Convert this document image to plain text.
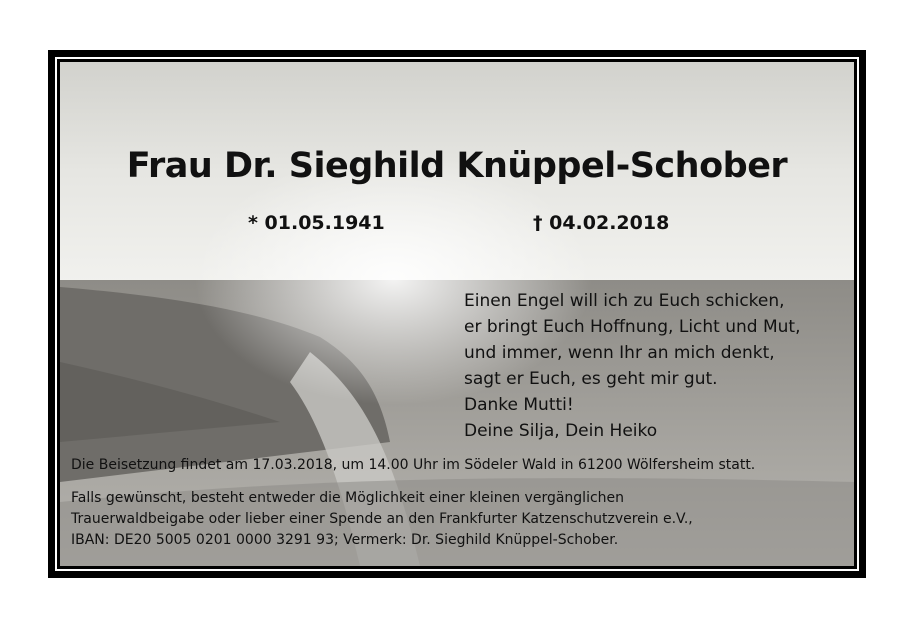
Frau Dr. Sieghild Knüppel-Schober
* 01.05.1941	† 04.02.2018
Einen Engel will ich zu Euch schicken,
er bringt Euch Hoffnung, Licht und Mut,
und immer, wenn Ihr an mich denkt,
sagt er Euch, es geht mir gut.
Danke Mutti!
Deine Silja, Dein Heiko
Die Beisetzung findet am 17.03.2018, um 14.00 Uhr im Södeler Wald in 61200 Wölfersheim statt.
Falls gewünscht, besteht entweder die Möglichkeit einer kleinen vergänglichen
Trauerwaldbeigabe oder lieber einer Spende an den Frankfurter Katzenschutzverein e.V.,
IBAN: DE20 5005 0201 0000 3291 93; Vermerk: Dr. Sieghild Knüppel-Schober.
